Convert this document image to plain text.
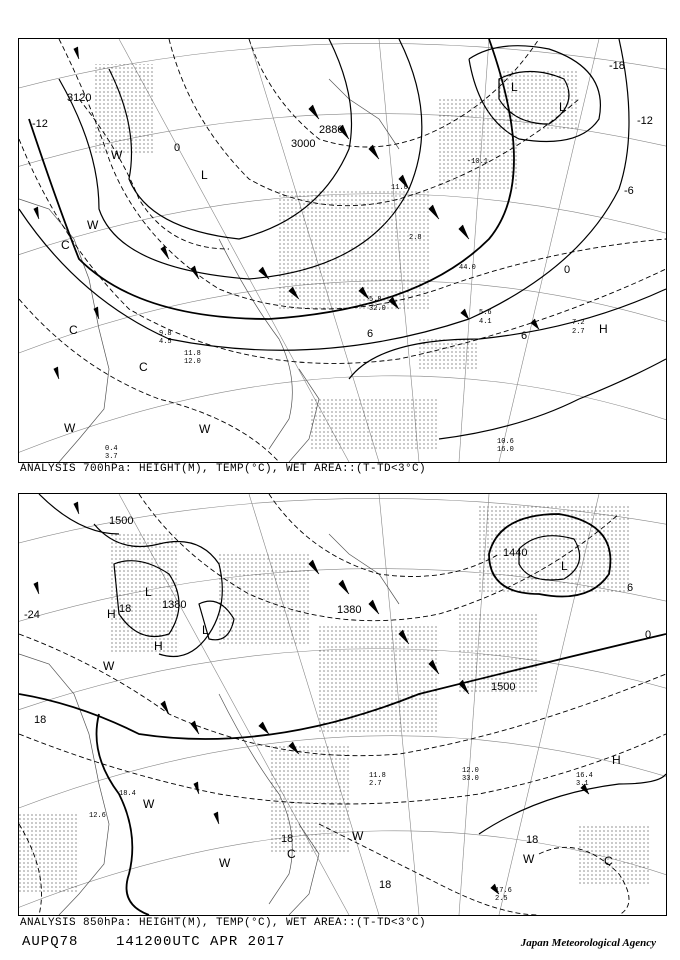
3000
2880
3120
-12
-12
-6
0
0
-18
6
6
L
L
L
H
C
C
C
W
W
W
W
-10.1
11.0
2.8
44.0
5.6
4.1	7.2
2.7
5.8
32.0
10.6
16.0
9.8
4.5
11.8
12.0
0.4
3.7
ANALYSIS 700hPa: HEIGHT(M), TEMP(°C), WET AREA::(T-TD<3°C)
1500
1380	1380
1500
1440
-24	18
18
18
18
0
6
18
L
L
L
H
H
H
C	C
W
W
W
W
W
12.0
33.0	16.4
3.1
17.6
2.5
11.8
2.7
12.6
18.4
ANALYSIS 850hPa: HEIGHT(M), TEMP(°C), WET AREA::(T-TD<3°C)
AUPQ78	141200UTC APR 2017	Japan Meteorological Agency
